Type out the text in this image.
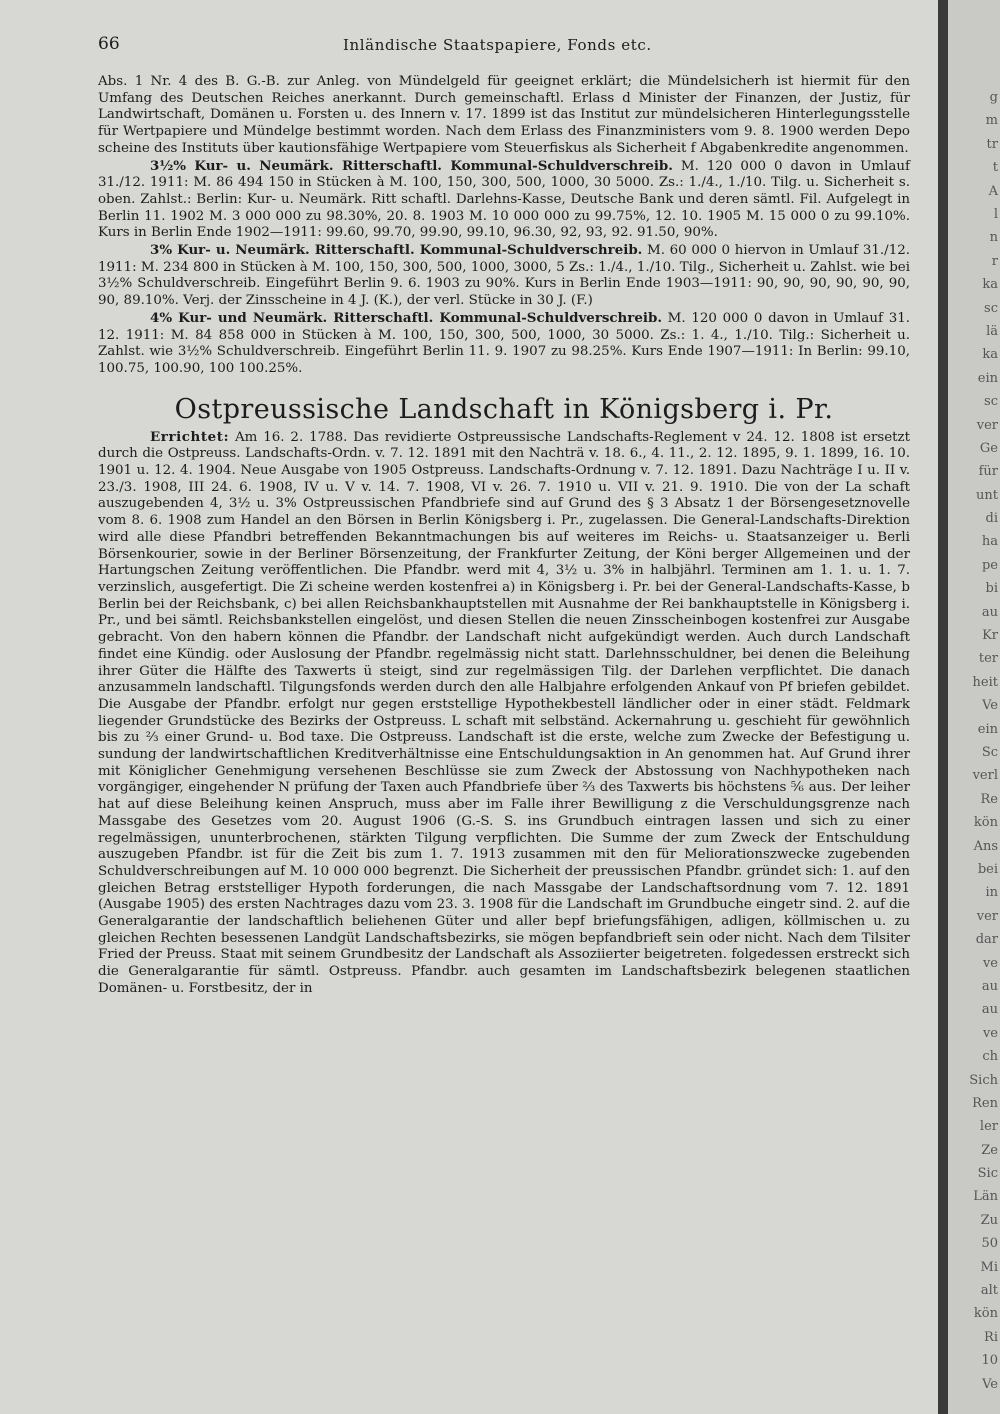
66	Inländische Staatspapiere, Fonds etc.

Abs. 1 Nr. 4 des B. G.-B. zur Anleg. von Mündelgeld für geeignet erklärt; die Mündelsicherh ist hiermit für den Umfang des Deutschen Reiches anerkannt. Durch gemeinschaftl. Erlass d Minister der Finanzen, der Justiz, für Landwirtschaft, Domänen u. Forsten u. des Innern v. 17. 1899 ist das Institut zur mündelsicheren Hinterlegungsstelle für Wertpapiere und Mündelge bestimmt worden. Nach dem Erlass des Finanzministers vom 9. 8. 1900 werden Depo scheine des Instituts über kautionsfähige Wertpapiere vom Steuerfiskus als Sicherheit f Abgabenkredite angenommen.

3½% Kur- u. Neumärk. Ritterschaftl. Kommunal-Schuldverschreib. M. 120 000 0 davon in Umlauf 31./12. 1911: M. 86 494 150 in Stücken à M. 100, 150, 300, 500, 1000, 30 5000. Zs.: 1./4., 1./10. Tilg. u. Sicherheit s. oben. Zahlst.: Berlin: Kur- u. Neumärk. Ritt schaftl. Darlehns-Kasse, Deutsche Bank und deren sämtl. Fil. Aufgelegt in Berlin 11. 1902 M. 3 000 000 zu 98.30%, 20. 8. 1903 M. 10 000 000 zu 99.75%, 12. 10. 1905 M. 15 000 0 zu 99.10%. Kurs in Berlin Ende 1902—1911: 99.60, 99.70, 99.90, 99.10, 96.30, 92, 93, 92. 91.50, 90%.

3% Kur- u. Neumärk. Ritterschaftl. Kommunal-Schuldverschreib. M. 60 000 0 hiervon in Umlauf 31./12. 1911: M. 234 800 in Stücken à M. 100, 150, 300, 500, 1000, 3000, 5 Zs.: 1./4., 1./10. Tilg., Sicherheit u. Zahlst. wie bei 3½% Schuldverschreib. Eingeführt Berlin 9. 6. 1903 zu 90%. Kurs in Berlin Ende 1903—1911: 90, 90, 90, 90, 90, 90, 90, 89.10%. Verj. der Zinsscheine in 4 J. (K.), der verl. Stücke in 30 J. (F.)

4% Kur- und Neumärk. Ritterschaftl. Kommunal-Schuldverschreib. M. 120 000 0 davon in Umlauf 31. 12. 1911: M. 84 858 000 in Stücken à M. 100, 150, 300, 500, 1000, 30 5000. Zs.: 1. 4., 1./10. Tilg.: Sicherheit u. Zahlst. wie 3½% Schuldverschreib. Eingeführt Berlin 11. 9. 1907 zu 98.25%. Kurs Ende 1907—1911: In Berlin: 99.10, 100.75, 100.90, 100 100.25%.

Ostpreussische Landschaft in Königsberg i. Pr.

Errichtet: Am 16. 2. 1788. Das revidierte Ostpreussische Landschafts-Reglement v 24. 12. 1808 ist ersetzt durch die Ostpreuss. Landschafts-Ordn. v. 7. 12. 1891 mit den Nachträ v. 18. 6., 4. 11., 2. 12. 1895, 9. 1. 1899, 16. 10. 1901 u. 12. 4. 1904. Neue Ausgabe von 1905 Ostpreuss. Landschafts-Ordnung v. 7. 12. 1891. Dazu Nachträge I u. II v. 23./3. 1908, III 24. 6. 1908, IV u. V v. 14. 7. 1908, VI v. 26. 7. 1910 u. VII v. 21. 9. 1910. Die von der La schaft auszugebenden 4, 3½ u. 3% Ostpreussischen Pfandbriefe sind auf Grund des § 3 Absatz 1 der Börsengesetznovelle vom 8. 6. 1908 zum Handel an den Börsen in Berlin Königsberg i. Pr., zugelassen. Die General-Landschafts-Direktion wird alle diese Pfandbri betreffenden Bekanntmachungen bis auf weiteres im Reichs- u. Staatsanzeiger u. Berli Börsenkourier, sowie in der Berliner Börsenzeitung, der Frankfurter Zeitung, der Köni berger Allgemeinen und der Hartungschen Zeitung veröffentlichen. Die Pfandbr. werd mit 4, 3½ u. 3% in halbjährl. Terminen am 1. 1. u. 1. 7. verzinslich, ausgefertigt. Die Zi scheine werden kostenfrei a) in Königsberg i. Pr. bei der General-Landschafts-Kasse, b Berlin bei der Reichsbank, c) bei allen Reichsbankhauptstellen mit Ausnahme der Rei bankhauptstelle in Königsberg i. Pr., und bei sämtl. Reichsbankstellen eingelöst, und diesen Stellen die neuen Zinsscheinbogen kostenfrei zur Ausgabe gebracht. Von den habern können die Pfandbr. der Landschaft nicht aufgekündigt werden. Auch durch Landschaft findet eine Kündig. oder Auslosung der Pfandbr. regelmässig nicht statt. Darlehnsschuldner, bei denen die Beleihung ihrer Güter die Hälfte des Taxwerts ü steigt, sind zur regelmässigen Tilg. der Darlehen verpflichtet. Die danach anzusammeln landschaftl. Tilgungsfonds werden durch den alle Halbjahre erfolgenden Ankauf von Pf briefen gebildet. Die Ausgabe der Pfandbr. erfolgt nur gegen erststellige Hypothekbestell ländlicher oder in einer städt. Feldmark liegender Grundstücke des Bezirks der Ostpreuss. L schaft mit selbständ. Ackernahrung u. geschieht für gewöhnlich bis zu ⅔ einer Grund- u. Bod taxe. Die Ostpreuss. Landschaft ist die erste, welche zum Zwecke der Befestigung u. sundung der landwirtschaftlichen Kreditverhältnisse eine Entschuldungsaktion in An genommen hat. Auf Grund ihrer mit Königlicher Genehmigung versehenen Beschlüsse sie zum Zweck der Abstossung von Nachhypotheken nach vorgängiger, eingehender N prüfung der Taxen auch Pfandbriefe über ⅔ des Taxwerts bis höchstens ⅚ aus. Der leiher hat auf diese Beleihung keinen Anspruch, muss aber im Falle ihrer Bewilligung z die Verschuldungsgrenze nach Massgabe des Gesetzes vom 20. August 1906 (G.-S. S. ins Grundbuch eintragen lassen und sich zu einer regelmässigen, ununterbrochenen, stärkten Tilgung verpflichten. Die Summe der zum Zweck der Entschuldung auszugeben Pfandbr. ist für die Zeit bis zum 1. 7. 1913 zusammen mit den für Meliorationszwecke zugebenden Schuldverschreibungen auf M. 10 000 000 begrenzt. Die Sicherheit der preussischen Pfandbr. gründet sich: 1. auf den gleichen Betrag erststelliger Hypoth forderungen, die nach Massgabe der Landschaftsordnung vom 7. 12. 1891 (Ausgabe 1905) des ersten Nachtrages dazu vom 23. 3. 1908 für die Landschaft im Grundbuche eingetr sind. 2. auf die Generalgarantie der landschaftlich beliehenen Güter und aller bepf briefungsfähigen, adligen, köllmischen u. zu gleichen Rechten besessenen Landgüt Landschaftsbezirks, sie mögen bepfandbrieft sein oder nicht. Nach dem Tilsiter Fried der Preuss. Staat mit seinem Grundbesitz der Landschaft als Assoziierter beigetreten. folgedessen erstreckt sich die Generalgarantie für sämtl. Ostpreuss. Pfandbr. auch gesamten im Landschaftsbezirk belegenen staatlichen Domänen- u. Forstbesitz, der in

g
m
tr
t
A
l
n
r
ka
sc
lä
ka
ein
sc
ver
Ge
für
unt
di
ha
pe
bi
au
Kr
ter
heit
Ve
ein
Sc
verl
Re
kön
Ans
bei
in
ver
dar
ve
au
au
ve
ch
Sich
Ren
ler
Ze
Sic
Län
Zu
50
Mi
alt
kön
Ri
10
Ve
